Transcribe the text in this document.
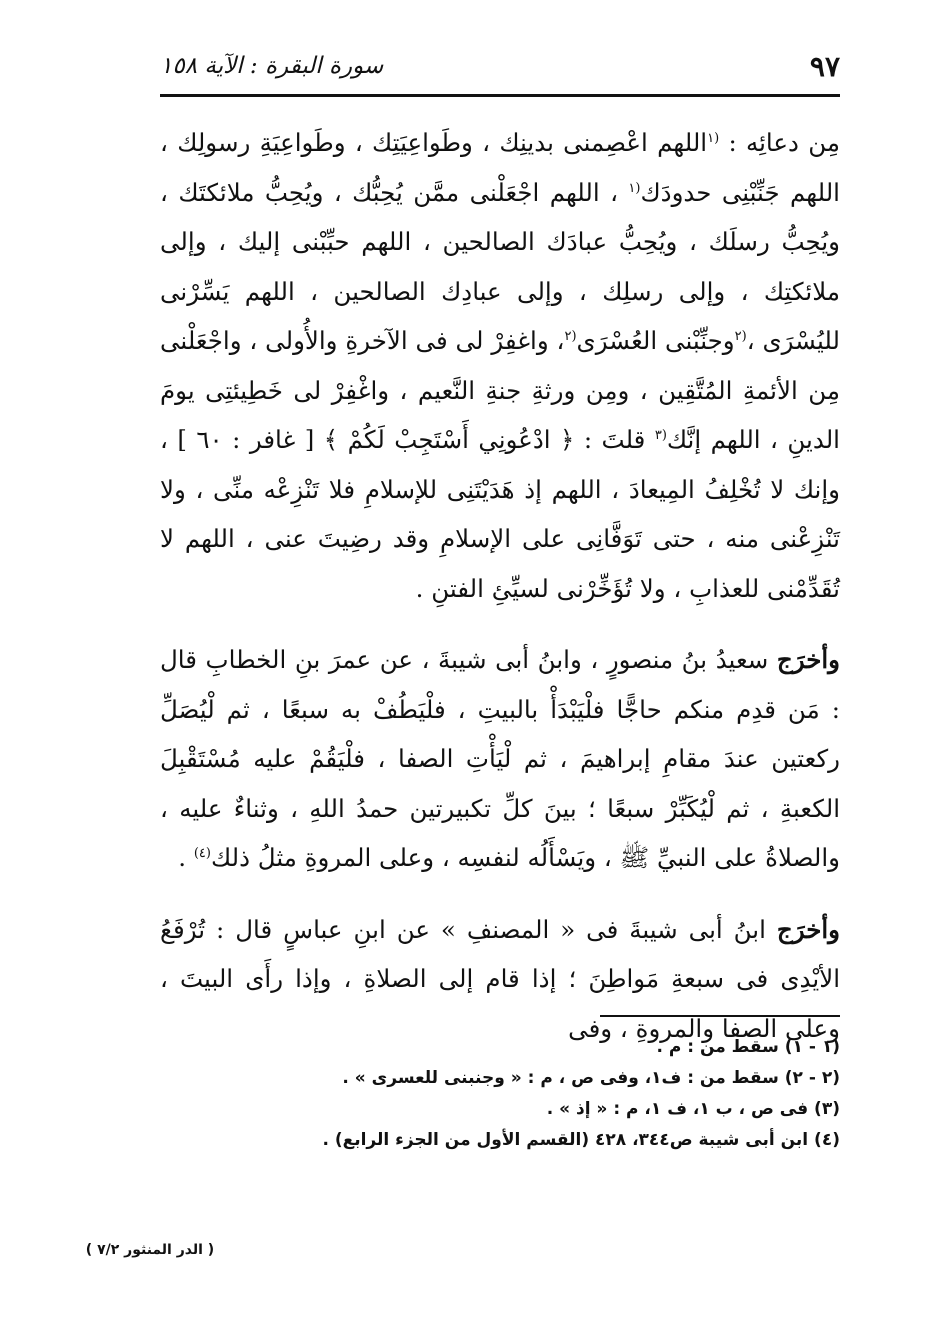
٩٧
سورة البقرة : الآية ١٥٨

مِن دعائِه : $^{(١}$اللهم اعْصِمنى بدينِك ، وطَواعِيَتِك ، وطَواعِيَةِ رسولِك ، اللهم جَنِّبْنِى حدودَك$^{(١}$ ، اللهم اجْعَلْنى ممَّن يُحِبُّك ، ويُحِبُّ ملائكتَك ، ويُحِبُّ رسلَك ، ويُحِبُّ عبادَك الصالحين ، اللهم حبِّبْنى إليك ، وإلى ملائكتِك ، وإلى رسلِك ، وإلى عبادِك الصالحين ، اللهم يَسِّرْنى لليُسْرَى ،$^{(٢}$وجنِّبْنى العُسْرَى$^{(٢}$، واغفِرْ لى فى الآخرةِ والأُولى ، واجْعَلْنى مِن الأئمةِ المُتَّقِين ، ومِن ورثةِ جنةِ النَّعيم ، واغْفِرْ لى خَطِيئتِى يومَ الدينِ ، اللهم إنَّك$^{(٣}$ قلتَ : ﴿ ادْعُونِي أَسْتَجِبْ لَكُمْ ﴾ [ غافر : ٦٠ ] ، وإنك لا تُخْلِفُ المِيعادَ ، اللهم إذ هَدَيْتَنِى للإسلامِ فلا تَنْزِعْه منِّى ، ولا تَنْزِعْنى منه ، حتى تَوَفَّانِى على الإسلامِ وقد رضِيتَ عنى ، اللهم لا تُقَدِّمْنى للعذابِ ، ولا تُؤَخِّرْنى لسيِّئِ الفتنِ .

وأخرَج سعيدُ بنُ منصورٍ ، وابنُ أبى شيبةَ ، عن عمرَ بنِ الخطابِ قال : مَن قدِم منكم حاجًّا فلْيَبْدَأْ بالبيتِ ، فلْيَطُفْ به سبعًا ، ثم لْيُصَلِّ ركعتين عندَ مقامِ إبراهيمَ ، ثم لْيَأْتِ الصفا ، فلْيَقُمْ عليه مُسْتَقْبِلَ الكعبةِ ، ثم لْيُكَبِّرْ سبعًا ؛ بينَ كلِّ تكبيرتين حمدُ اللهِ ، وثناءٌ عليه ، والصلاةُ على النبيِّ ﷺ ، ويَسْأَلُه لنفسِه ، وعلى المروةِ مثلُ ذلك$^{(٤)}$ .

وأخرَج ابنُ أبى شيبةَ فى « المصنفِ » عن ابنِ عباسٍ قال : تُرْفَعُ الأيْدِى فى سبعةِ مَواطِنَ ؛ إذا قام إلى الصلاةِ ، وإذا رأَى البيتَ ، وعلى الصفا والمروةِ ، وفى

(١ - ١) سقط من : م .
(٢ - ٢) سقط من : ف١، وفى ص ، م : « وجنبنى للعسرى » .
(٣) فى ص ، ب ١، ف ١، م : « إذ » .
(٤) ابن أبى شيبة ص٣٤٤، ٤٢٨ (القسم الأول من الجزء الرابع) .
( الدر المنثور ٧/٢ )
